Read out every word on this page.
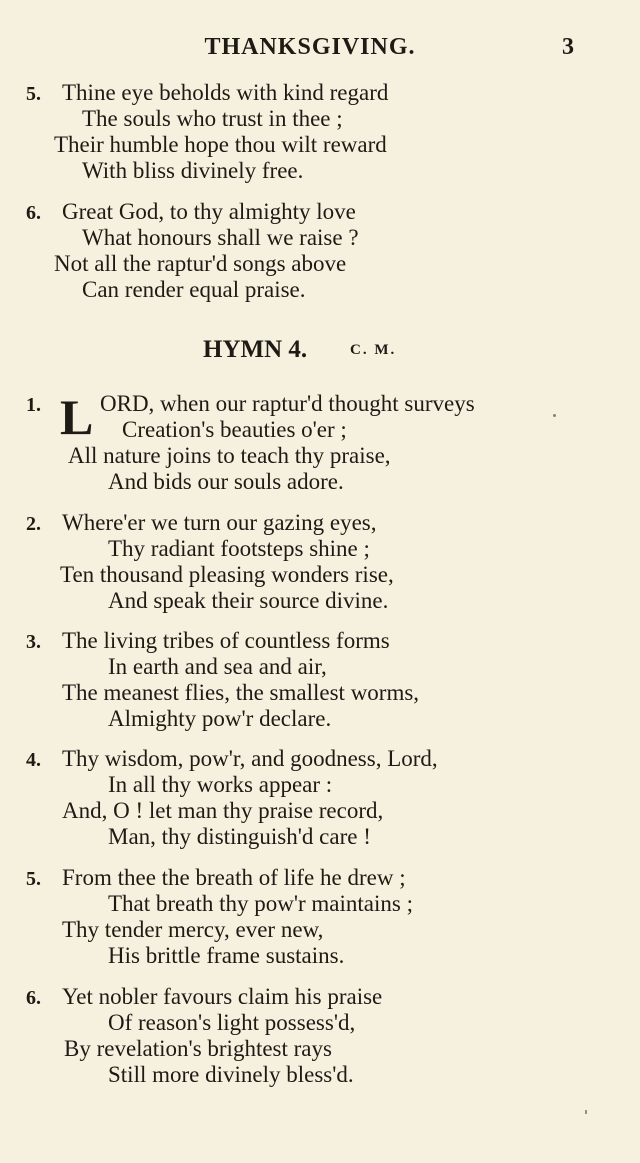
THANKSGIVING.	3
5. Thine eye beholds with kind regard
The souls who trust in thee ;
Their humble hope thou wilt reward
With bliss divinely free.
6. Great God, to thy almighty love
What honours shall we raise ?
Not all the raptur'd songs above
Can render equal praise.
HYMN 4.	C. M.
1.	ORD, when our raptur'd thought surveys
Creation's beauties o'er ;
All nature joins to teach thy praise,
And bids our souls adore.
L
2. Where'er we turn our gazing eyes,
Thy radiant footsteps shine ;
Ten thousand pleasing wonders rise,
And speak their source divine.
3. The living tribes of countless forms
In earth and sea and air,
The meanest flies, the smallest worms,
Almighty pow'r declare.
4. Thy wisdom, pow'r, and goodness, Lord,
In all thy works appear :
And, O ! let man thy praise record,
Man, thy distinguish'd care !
5. From thee the breath of life he drew ;
That breath thy pow'r maintains ;
Thy tender mercy, ever new,
His brittle frame sustains.
6. Yet nobler favours claim his praise
Of reason's light possess'd,
By revelation's brightest rays
Still more divinely bless'd.
